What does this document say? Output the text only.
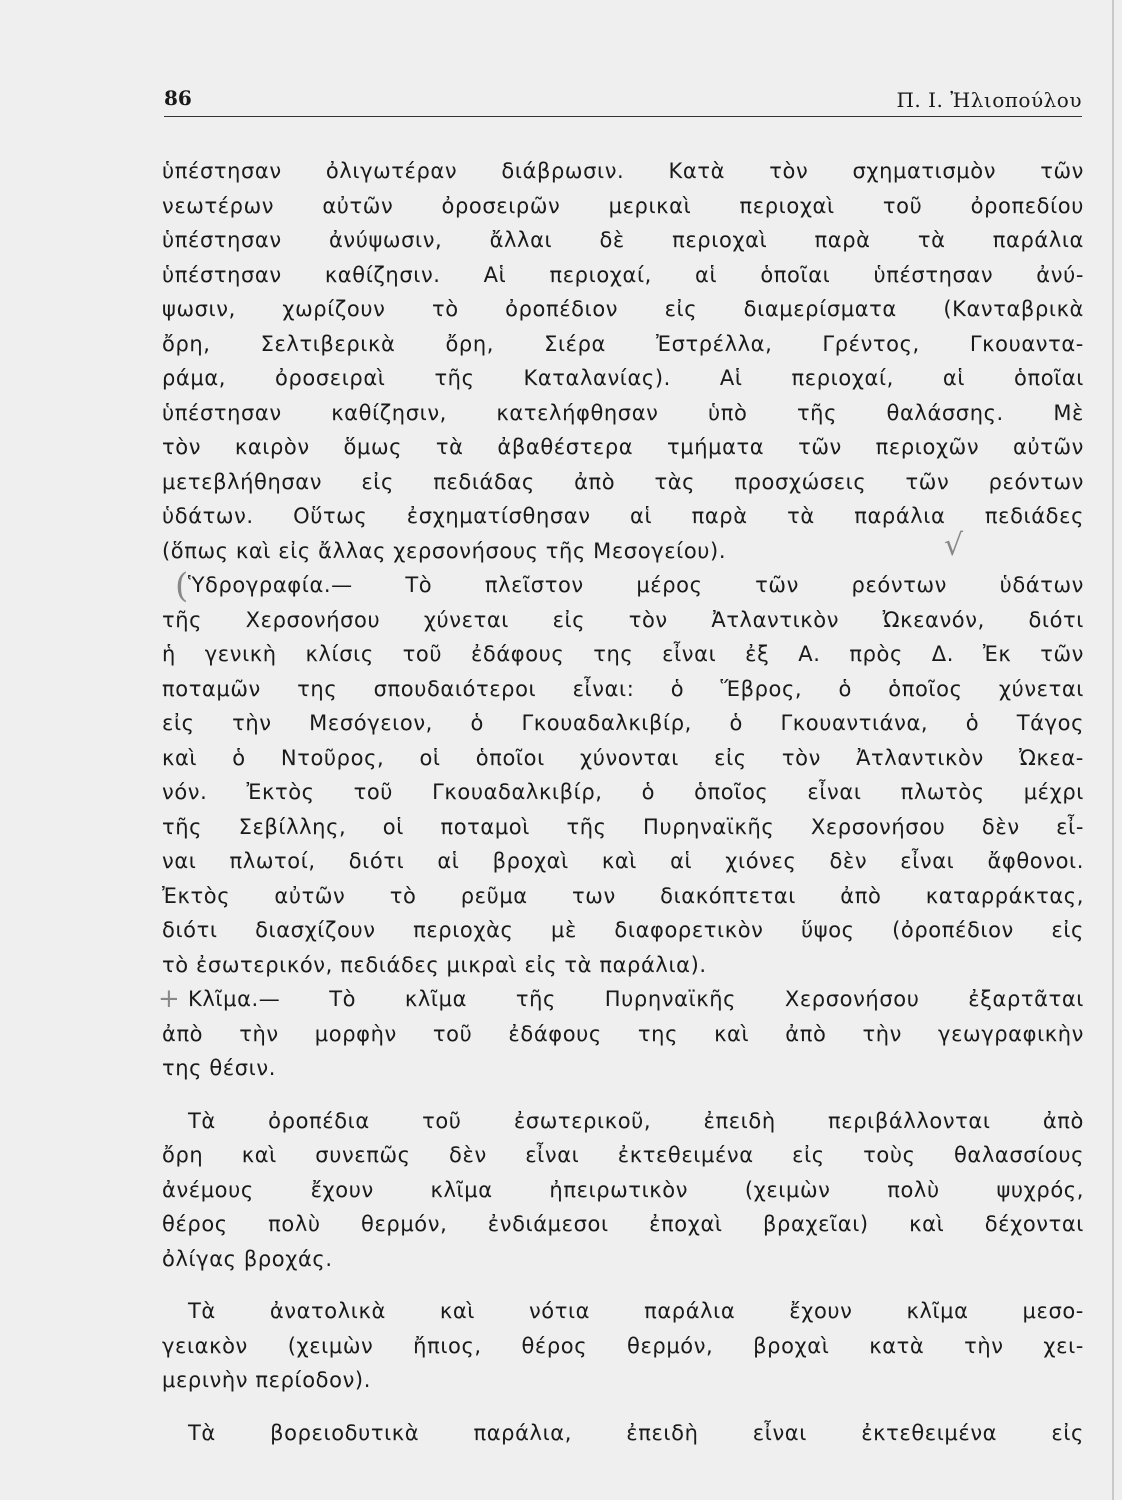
86	Π. Ι. Ἠλιοπούλου
(
√
+
ὑπέστησαν ὀλιγωτέραν διάβρωσιν. Κατὰ τὸν σχηματισμὸν τῶν
νεωτέρων αὐτῶν ὀροσειρῶν μερικαὶ περιοχαὶ τοῦ ὀροπεδίου
ὑπέστησαν ἀνύψωσιν, ἄλλαι δὲ περιοχαὶ παρὰ τὰ παράλια
ὑπέστησαν καθίζησιν. Αἱ περιοχαί, αἱ ὁποῖαι ὑπέστησαν ἀνύ-
ψωσιν, χωρίζουν τὸ ὀροπέδιον εἰς διαμερίσματα (Κανταβρικὰ
ὄρη, Σελτιβερικὰ ὄρη, Σιέρα Ἐστρέλλα, Γρέντος, Γκουαντα-
ράμα, ὀροσειραὶ τῆς Καταλανίας). Αἱ περιοχαί, αἱ ὁποῖαι
ὑπέστησαν καθίζησιν, κατελήφθησαν ὑπὸ τῆς θαλάσσης. Μὲ
τὸν καιρὸν ὅμως τὰ ἀβαθέστερα τμήματα τῶν περιοχῶν αὐτῶν
μετεβλήθησαν εἰς πεδιάδας ἀπὸ τὰς προσχώσεις τῶν ρεόντων
ὑδάτων. Οὕτως ἐσχηματίσθησαν αἱ παρὰ τὰ παράλια πεδιάδες
(ὅπως καὶ εἰς ἄλλας χερσονήσους τῆς Μεσογείου).
Ὑδρογραφία.— Τὸ πλεῖστον μέρος τῶν ρεόντων ὑδάτων
τῆς Χερσονήσου χύνεται εἰς τὸν Ἀτλαντικὸν Ὠκεανόν, διότι
ἡ γενικὴ κλίσις τοῦ ἐδάφους της εἶναι ἐξ Α. πρὸς Δ. Ἐκ τῶν
ποταμῶν της σπουδαιότεροι εἶναι: ὁ Ἕβρος, ὁ ὁποῖος χύνεται
εἰς τὴν Μεσόγειον, ὁ Γκουαδαλκιβίρ, ὁ Γκουαντιάνα, ὁ Τάγος
καὶ ὁ Ντοῦρος, οἱ ὁποῖοι χύνονται εἰς τὸν Ἀτλαντικὸν Ὠκεα-
νόν. Ἐκτὸς τοῦ Γκουαδαλκιβίρ, ὁ ὁποῖος εἶναι πλωτὸς μέχρι
τῆς Σεβίλλης, οἱ ποταμοὶ τῆς Πυρηναϊκῆς Χερσονήσου δὲν εἶ-
ναι πλωτοί, διότι αἱ βροχαὶ καὶ αἱ χιόνες δὲν εἶναι ἄφθονοι.
Ἐκτὸς αὐτῶν τὸ ρεῦμα των διακόπτεται ἀπὸ καταρράκτας,
διότι διασχίζουν περιοχὰς μὲ διαφορετικὸν ὕψος (ὀροπέδιον εἰς
τὸ ἐσωτερικόν, πεδιάδες μικραὶ εἰς τὰ παράλια).
Κλῖμα.— Τὸ κλῖμα τῆς Πυρηναϊκῆς Χερσονήσου ἐξαρτᾶται
ἀπὸ τὴν μορφὴν τοῦ ἐδάφους της καὶ ἀπὸ τὴν γεωγραφικὴν
της θέσιν.
Τὰ ὀροπέδια τοῦ ἐσωτερικοῦ, ἐπειδὴ περιβάλλονται ἀπὸ
ὄρη καὶ συνεπῶς δὲν εἶναι ἐκτεθειμένα εἰς τοὺς θαλασσίους
ἀνέμους ἔχουν κλῖμα ἠπειρωτικὸν (χειμὼν πολὺ ψυχρός,
θέρος πολὺ θερμόν, ἐνδιάμεσοι ἐποχαὶ βραχεῖαι) καὶ δέχονται
ὀλίγας βροχάς.
Τὰ ἀνατολικὰ καὶ νότια παράλια ἔχουν κλῖμα μεσο-
γειακὸν (χειμὼν ἤπιος, θέρος θερμόν, βροχαὶ κατὰ τὴν χει-
μερινὴν περίοδον).
Τὰ βορειοδυτικὰ παράλια, ἐπειδὴ εἶναι ἐκτεθειμένα εἰς
